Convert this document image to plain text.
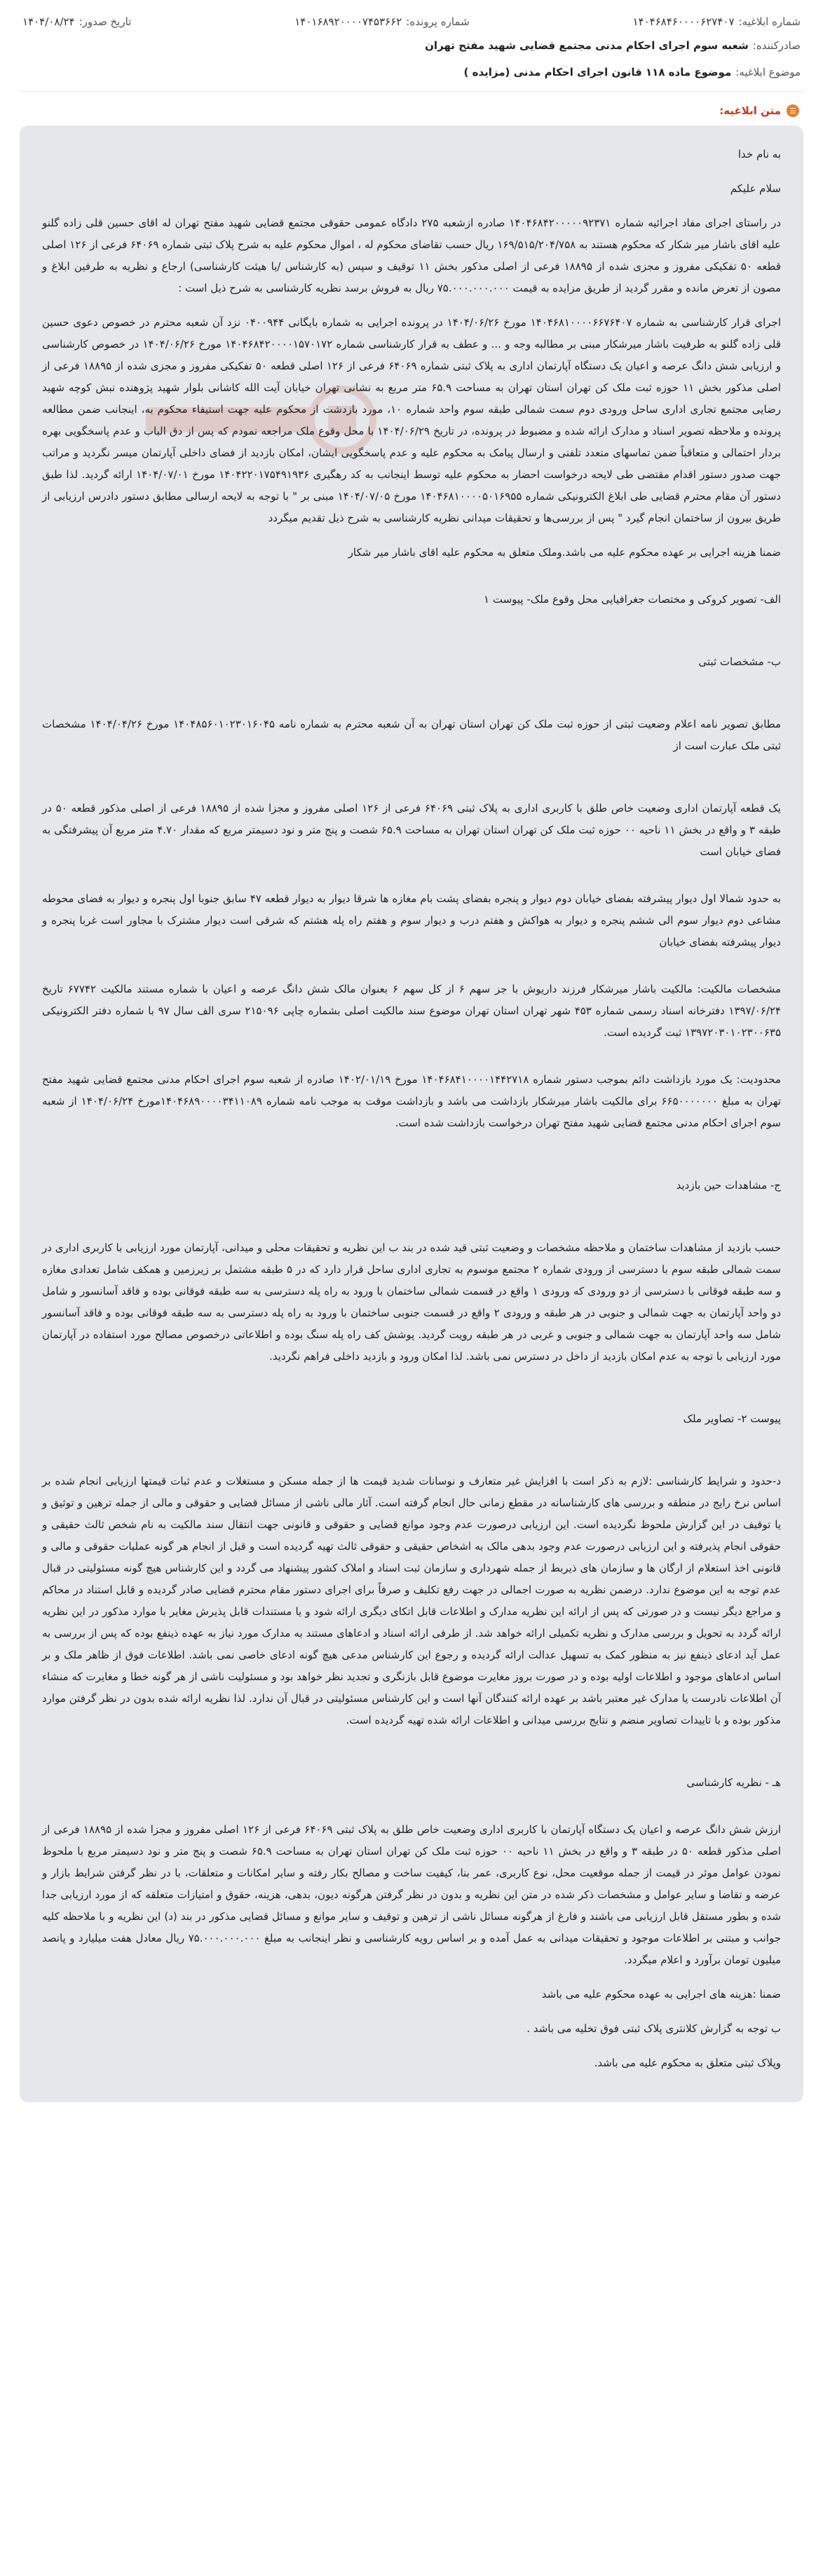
شماره ابلاغیه:
۱۴۰۴۶۸۴۶۰۰۰۰۶۲۷۴۰۷
شماره پرونده:
۱۴۰۱۶۸۹۲۰۰۰۰۷۴۵۳۶۶۲
تاریخ صدور:
۱۴۰۴/۰۸/۲۴
صادرکننده:
شعبه سوم اجرای احکام مدنی مجتمع قضایی شهید مفتح تهران
موضوع ابلاغیه:
موضوع ماده ۱۱۸ قانون اجرای احکام مدنی (مزایده )
☰
متن ابلاغیه:

به نام خدا

سلام علیکم

در راستای اجرای مفاد اجرائیه شماره ۱۴۰۴۶۸۴۲۰۰۰۰۰۹۲۳۷۱ صادره ازشعبه ۲۷۵ دادگاه عمومی حقوقی مجتمع قضایی شهید مفتح تهران له اقای حسین قلی زاده گلنو علیه اقای باشار میر شکار که محکوم هستند به ۱۶۹/۵۱۵/۲۰۴/۷۵۸ ریال حسب تقاضای محکوم له ، اموال محکوم علیه به شرح پلاک ثبتی شماره ۶۴۰۶۹ فرعی از ۱۲۶ اصلی قطعه ۵۰ تفکیکی مفروز و مجزی شده از ۱۸۸۹۵ فرعی از اصلی مذکور بخش ۱۱ توقیف و سپس (به کارشناس /یا هیئت کارشناسی) ارجاع و نظریه به طرفین ابلاغ و مصون از تعرض مانده و مقرر گردید از طریق مزایده به قیمت ۷۵.۰۰۰.۰۰۰.۰۰۰ ریال به فروش برسد نظریه کارشناسی به شرح ذیل است :

اجرای قرار کارشناسی به شماره ۱۴۰۴۶۸۱۰۰۰۰۶۶۷۶۴۰۷ مورخ ۱۴۰۴/۰۶/۲۶ در پرونده اجرایی به شماره بایگانی ۰۴۰۰۹۴۴ نزد آن شعبه محترم در خصوص دعوی حسین قلی زاده گلنو به طرفیت باشار میرشکار مبنی بر مطالبه وجه و ... و عطف به قرار کارشناسی شماره ۱۴۰۴۶۸۴۲۰۰۰۰۱۵۷۰۱۷۲ مورخ ۱۴۰۴/۰۶/۲۶ در خصوص کارشناسی و ارزیابی شش دانگ عرصه و اعیان یک دستگاه آپارتمان اداری به پلاک ثبتی شماره ۶۴۰۶۹ فرعی از ۱۲۶ اصلی قطعه ۵۰ تفکیکی مفروز و مجزی شده از ۱۸۸۹۵ فرعی از اصلی مذکور بخش ۱۱ حوزه ثبت ملک کن تهران استان تهران به مساحت ۶۵.۹ متر مربع به نشانی تهران خیابان آیت الله کاشانی بلوار شهید پژوهنده نبش کوچه شهید رضایی مجتمع تجاری اداری ساحل ورودی دوم سمت شمالی طبقه سوم واحد شماره ۱۰، مورد بازدشت از محکوم علیه جهت استیفاء محکوم به، اینجانب ضمن مطالعه پرونده و ملاحظه تصویر اسناد و مدارک ارائه شده و مضبوط در پرونده، در تاریخ ۱۴۰۴/۰۶/۲۹ با محل وقوع ملک مراجعه نمودم که پس از دق الباب و عدم پاسخگویی بهره بردار احتمالی و متعاقباً ضمن تماسهای متعدد تلفنی و ارسال پیامک به محکوم علیه و عدم پاسخگویی ایشان، امکان بازدید از فضای داخلی آپارتمان میسر نگردید و مراتب جهت صدور دستور اقدام مقتضی طی لایحه درخواست احضار به محکوم علیه توسط اینجانب به کد رهگیری ۱۴۰۴۲۲۰۱۷۵۴۹۱۹۳۶ مورخ ۱۴۰۴/۰۷/۰۱ ارائه گردید. لذا طبق دستور آن مقام محترم قضایی طی ابلاغ الکترونیکی شماره ۱۴۰۴۶۸۱۰۰۰۰۵۰۱۶۹۵۵ مورخ ۱۴۰۴/۰۷/۰۵ مبنی بر " با توجه به لایحه ارسالی مطابق دستور دادرس ارزیابی از طریق بیرون از ساختمان انجام گیرد " پس از بررسی‌ها و تحقیقات میدانی نظریه کارشناسی به شرح ذیل تقدیم میگردد

ضمنا هزینه اجرایی بر عهده محکوم علیه می باشد.وملک متعلق به محکوم علیه اقای باشار میر شکار

الف- تصویر کروکی و مختصات جغرافیایی محل وقوع ملک- پیوست ۱

ب- مشخصات ثبتی

مطابق تصویر نامه اعلام وضعیت ثبتی از حوزه ثبت ملک کن تهران استان تهران به آن شعبه محترم به شماره نامه ۱۴۰۴۸۵۶۰۱۰۲۳۰۱۶۰۴۵ مورخ ۱۴۰۴/۰۴/۲۶ مشخصات ثبتی ملک عبارت است از

یک قطعه آپارتمان اداری وضعیت خاص طلق با کاربری اداری به پلاک ثبتی ۶۴۰۶۹ فرعی از ۱۲۶ اصلی مفروز و مجزا شده از ۱۸۸۹۵ فرعی از اصلی مذکور قطعه ۵۰ در طبقه ۳ و واقع در بخش ۱۱ ناحیه ۰۰ حوزه ثبت ملک کن تهران استان تهران به مساحت ۶۵.۹ شصت و پنج متر و نود دسیمتر مربع که مقدار ۴.۷۰ متر مربع آن پیشرفتگی به فضای خیابان است

به حدود شمالا اول دیوار پیشرفته بفضای خیابان دوم دیوار و پنجره بفضای پشت بام مغازه ها شرقا دیوار به دیوار قطعه ۴۷ سابق جنوبا اول پنجره و دیوار به فضای محوطه مشاعی دوم دیوار سوم الی ششم پنجره و دیوار به هواکش و هفتم درب و دیوار سوم و هفتم راه پله هشتم که شرقی است دیوار مشترک با مجاور است غربا پنجره و دیوار پیشرفته بفضای خیابان

مشخصات مالکیت: مالکیت باشار میرشکار فرزند داریوش با جز سهم ۶ از کل سهم ۶ بعنوان مالک شش دانگ عرصه و اعیان با شماره مستند مالکیت ۶۷۷۴۲ تاریخ ۱۳۹۷/۰۶/۲۴ دفترخانه اسناد رسمی شماره ۴۵۳ شهر تهران استان تهران موضوع سند مالکیت اصلی بشماره چاپی ۲۱۵۰۹۶ سری الف سال ۹۷ با شماره دفتر الکترونیکی ۱۳۹۷۲۰۳۰۱۰۲۳۰۰۶۳۵ ثبت گردیده است.

محدودیت: یک مورد بازداشت دائم بموجب دستور شماره ۱۴۰۴۶۸۴۱۰۰۰۰۱۴۴۲۷۱۸ مورخ ۱۴۰۲/۰۱/۱۹ صادره از شعبه سوم اجرای احکام مدنی مجتمع قضایی شهید مفتح تهران به مبلغ ۶۶۵۰۰۰۰۰۰۰ برای مالکیت باشار میرشکار بازداشت می باشد و بازداشت موقت به موجب نامه شماره ۱۴۰۴۶۸۹۰۰۰۰۳۴۱۱۰۸۹مورخ ۱۴۰۴/۰۶/۲۴ از شعبه سوم اجرای احکام مدنی مجتمع قضایی شهید مفتح تهران درخواست بازداشت شده است.

ج- مشاهدات حین بازدید

حسب بازدید از مشاهدات ساختمان و ملاحظه مشخصات و وضعیت ثبتی قید شده در بند ب این نظریه و تحقیقات محلی و میدانی، آپارتمان مورد ارزیابی با کاربری اداری در سمت شمالی طبقه سوم با دسترسی از ورودی شماره ۲ مجتمع موسوم به تجاری اداری ساحل قرار دارد که در ۵ طبقه مشتمل بر زیرزمین و همکف شامل تعدادی مغازه و سه طبقه فوقانی با دسترسی از دو ورودی که ورودی ۱ واقع در قسمت شمالی ساختمان با ورود به راه پله دسترسی به سه طبقه فوقانی بوده و فاقد آسانسور و شامل دو واحد آپارتمان به جهت شمالی و جنوبی در هر طبقه و ورودی ۲ واقع در قسمت جنوبی ساختمان با ورود به راه پله دسترسی به سه طبقه فوقانی بوده و فاقد آسانسور شامل سه واحد آپارتمان به جهت شمالی و جنوبی و غربی در هر طبقه رویت گردید. پوشش کف راه پله سنگ بوده و اطلاعاتی درخصوص مصالح مورد استفاده در آپارتمان مورد ارزیابی با توجه به عدم امکان بازدید از داخل در دسترس نمی باشد. لذا امکان ورود و بازدید داخلی فراهم نگردید.

پیوست ۲- تصاویر ملک

د-حدود و شرایط کارشناسی :لازم به ذکر است با افزایش غیر متعارف و نوسانات شدید قیمت ها از جمله مسکن و مستغلات و عدم ثبات قیمتها ارزیابی انجام شده بر اساس نرخ رایج در منطقه و بررسی های کارشناسانه در مقطع زمانی حال انجام گرفته است. آثار مالی ناشی از مسائل قضایی و حقوقی و مالی از جمله ترهین و توثیق و یا توقیف در این گزارش ملحوظ نگردیده است. این ارزیابی درصورت عدم وجود موانع قضایی و حقوقی و قانونی جهت انتقال سند مالکیت به نام شخص ثالث حقیقی و حقوقی انجام پذیرفته و این ارزیابی درصورت عدم وجود بدهی مالک به اشخاص حقیقی و حقوقی ثالث تهیه گردیده است و قبل از انجام هر گونه عملیات حقوقی و مالی و قانونی اخذ استعلام از ارگان ها و سازمان های ذیربط از جمله شهرداری و سازمان ثبت اسناد و املاک کشور پیشنهاد می گردد و این کارشناس هیچ گونه مسئولیتی در قبال عدم توجه به این موضوع ندارد. درضمن نظریه به صورت اجمالی در جهت رفع تکلیف و صرفاً برای اجرای دستور مقام محترم قضایی صادر گردیده و قابل استناد در محاکم و مراجع دیگر نیست و در صورتی که پس از ارائه این نظریه مدارک و اطلاعات قابل اتکای دیگری ارائه شود و یا مستندات قابل پذیرش مغایر با موارد مذکور در این نظریه ارائه گردد به تحویل و بررسی مدارک و نظریه تکمیلی ارائه خواهد شد. از طرفی ارائه اسناد و ادعاهای مستند به مدارک مورد نیاز به عهده ذینفع بوده که پس از بررسی به عمل آید ادعای ذینفع نیز به منظور کمک به تسهیل عدالت ارائه گردیده و رجوع این کارشناس مدعی هیچ گونه ادعای خاصی نمی باشد. اطلاعات فوق از ظاهر ملک و بر اساس ادعاهای موجود و اطلاعات اولیه بوده و در صورت بروز مغایرت موضوع قابل بازنگری و تجدید نظر خواهد بود و مسئولیت ناشی از هر گونه خطا و مغایرت که منشاء آن اطلاعات نادرست یا مدارک غیر معتبر باشد بر عهده ارائه کنندگان آنها است و این کارشناس مسئولیتی در قبال آن ندارد. لذا نظریه ارائه شده بدون در نظر گرفتن موارد مذکور بوده و با تاییدات تصاویر منضم و نتایج بررسی میدانی و اطلاعات ارائه شده تهیه گردیده است.

هـ - نظریه کارشناسی

ارزش شش دانگ عرصه و اعیان یک دستگاه آپارتمان با کاربری اداری وضعیت خاص طلق به پلاک ثبتی ۶۴۰۶۹ فرعی از ۱۲۶ اصلی مفروز و مجزا شده از ۱۸۸۹۵ فرعی از اصلی مذکور قطعه ۵۰ در طبقه ۳ و واقع در بخش ۱۱ ناحیه ۰۰ حوزه ثبت ملک کن تهران استان تهران به مساحت ۶۵.۹ شصت و پنج متر و نود دسیمتر مربع با ملحوظ نمودن عوامل موثر در قیمت از جمله موقعیت محل، نوع کاربری، عمر بنا، کیفیت ساخت و مصالح بکار رفته و سایر امکانات و متعلقات، با در نظر گرفتن شرایط بازار و عرضه و تقاضا و سایر عوامل و مشخصات ذکر شده در متن این نظریه و بدون در نظر گرفتن هرگونه دیون، بدهی، هزینه، حقوق و امتیازات متعلقه که از مورد ارزیابی جدا شده و بطور مستقل قابل ارزیابی می باشند و فارغ از هرگونه مسائل ناشی از ترهین و توقیف و سایر موانع و مسائل قضایی مذکور در بند (د) این نظریه و با ملاحظه کلیه جوانب و مبتنی بر اطلاعات موجود و تحقیقات میدانی به عمل آمده و بر اساس رویه کارشناسی و نظر اینجانب به مبلغ ۷۵.۰۰۰.۰۰۰.۰۰۰ ریال معادل هفت میلیارد و پانصد میلیون تومان برآورد و اعلام میگردد.

ضمنا :هزینه های اجرایی به عهده محکوم علیه می باشد

ب توجه به گزارش کلانتری پلاک ثبتی فوق تخلیه می باشد .

وپلاک ثبتی متعلق به محکوم علیه می باشد.
